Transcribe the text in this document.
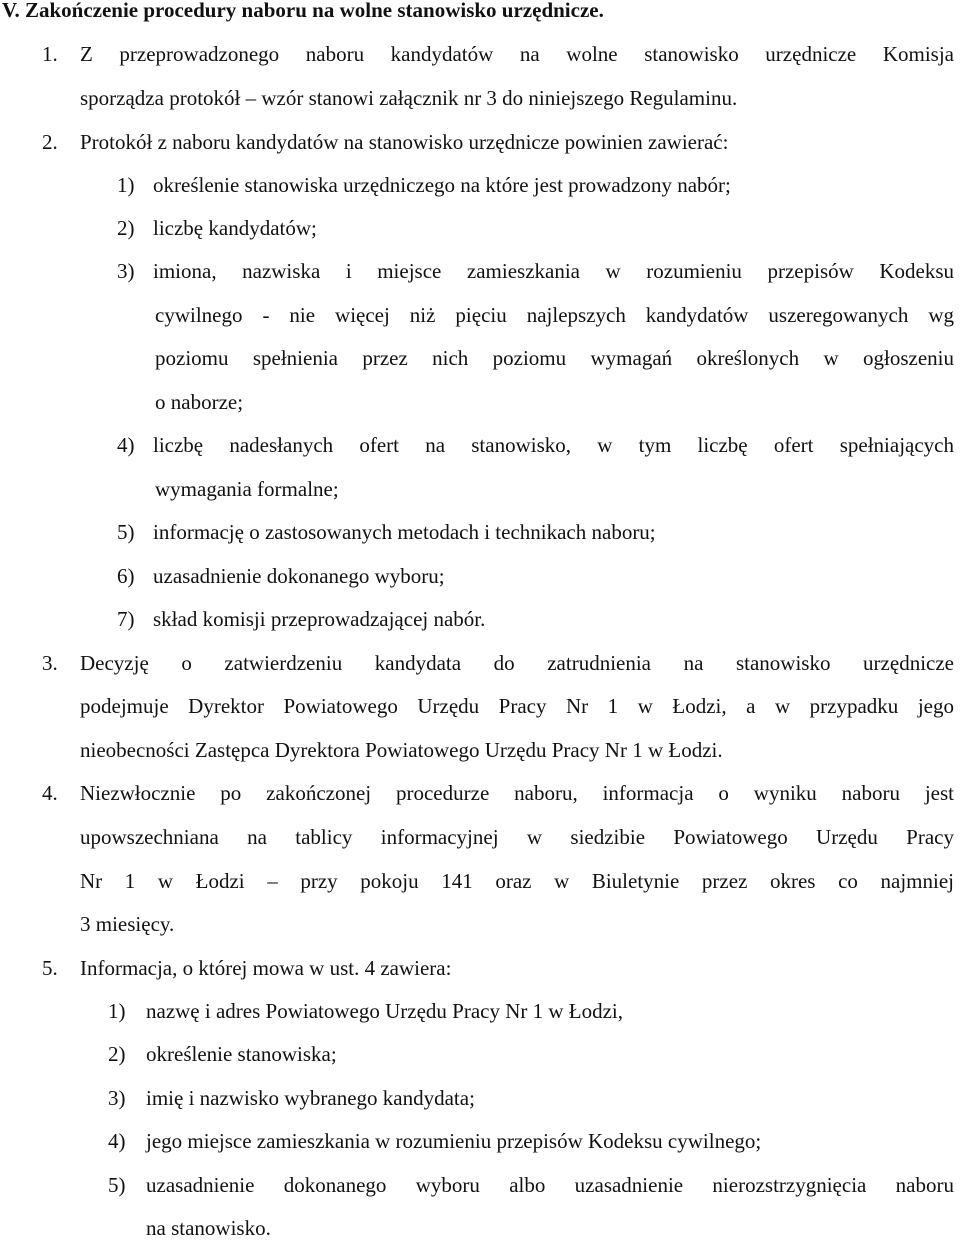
V. Zakończenie procedury naboru na wolne stanowisko urzędnicze.
1. Z przeprowadzonego naboru kandydatów na wolne stanowisko urzędnicze Komisja
sporządza protokół – wzór stanowi załącznik nr 3 do niniejszego Regulaminu.
2. Protokół z naboru kandydatów na stanowisko urzędnicze powinien zawierać:
1) określenie stanowiska urzędniczego na które jest prowadzony nabór;
2) liczbę kandydatów;
3) imiona, nazwiska i miejsce zamieszkania w rozumieniu przepisów Kodeksu
cywilnego - nie więcej niż pięciu najlepszych kandydatów uszeregowanych wg
poziomu spełnienia przez nich poziomu wymagań określonych w ogłoszeniu
o naborze;
4) liczbę nadesłanych ofert na stanowisko, w tym liczbę ofert spełniających
wymagania formalne;
5) informację o zastosowanych metodach i technikach naboru;
6) uzasadnienie dokonanego wyboru;
7) skład komisji przeprowadzającej nabór.
3. Decyzję o zatwierdzeniu kandydata do zatrudnienia na stanowisko urzędnicze
podejmuje Dyrektor Powiatowego Urzędu Pracy Nr 1 w Łodzi, a w przypadku jego
nieobecności Zastępca Dyrektora Powiatowego Urzędu Pracy Nr 1 w Łodzi.
4. Niezwłocznie po zakończonej procedurze naboru, informacja o wyniku naboru jest
upowszechniana na tablicy informacyjnej w siedzibie Powiatowego Urzędu Pracy
Nr 1 w Łodzi – przy pokoju 141 oraz w Biuletynie przez okres co najmniej
3 miesięcy.
5. Informacja, o której mowa w ust. 4 zawiera:
1) nazwę i adres Powiatowego Urzędu Pracy Nr 1 w Łodzi,
2) określenie stanowiska;
3) imię i nazwisko wybranego kandydata;
4) jego miejsce zamieszkania w rozumieniu przepisów Kodeksu cywilnego;
5) uzasadnienie dokonanego wyboru albo uzasadnienie nierozstrzygnięcia naboru
na stanowisko.
